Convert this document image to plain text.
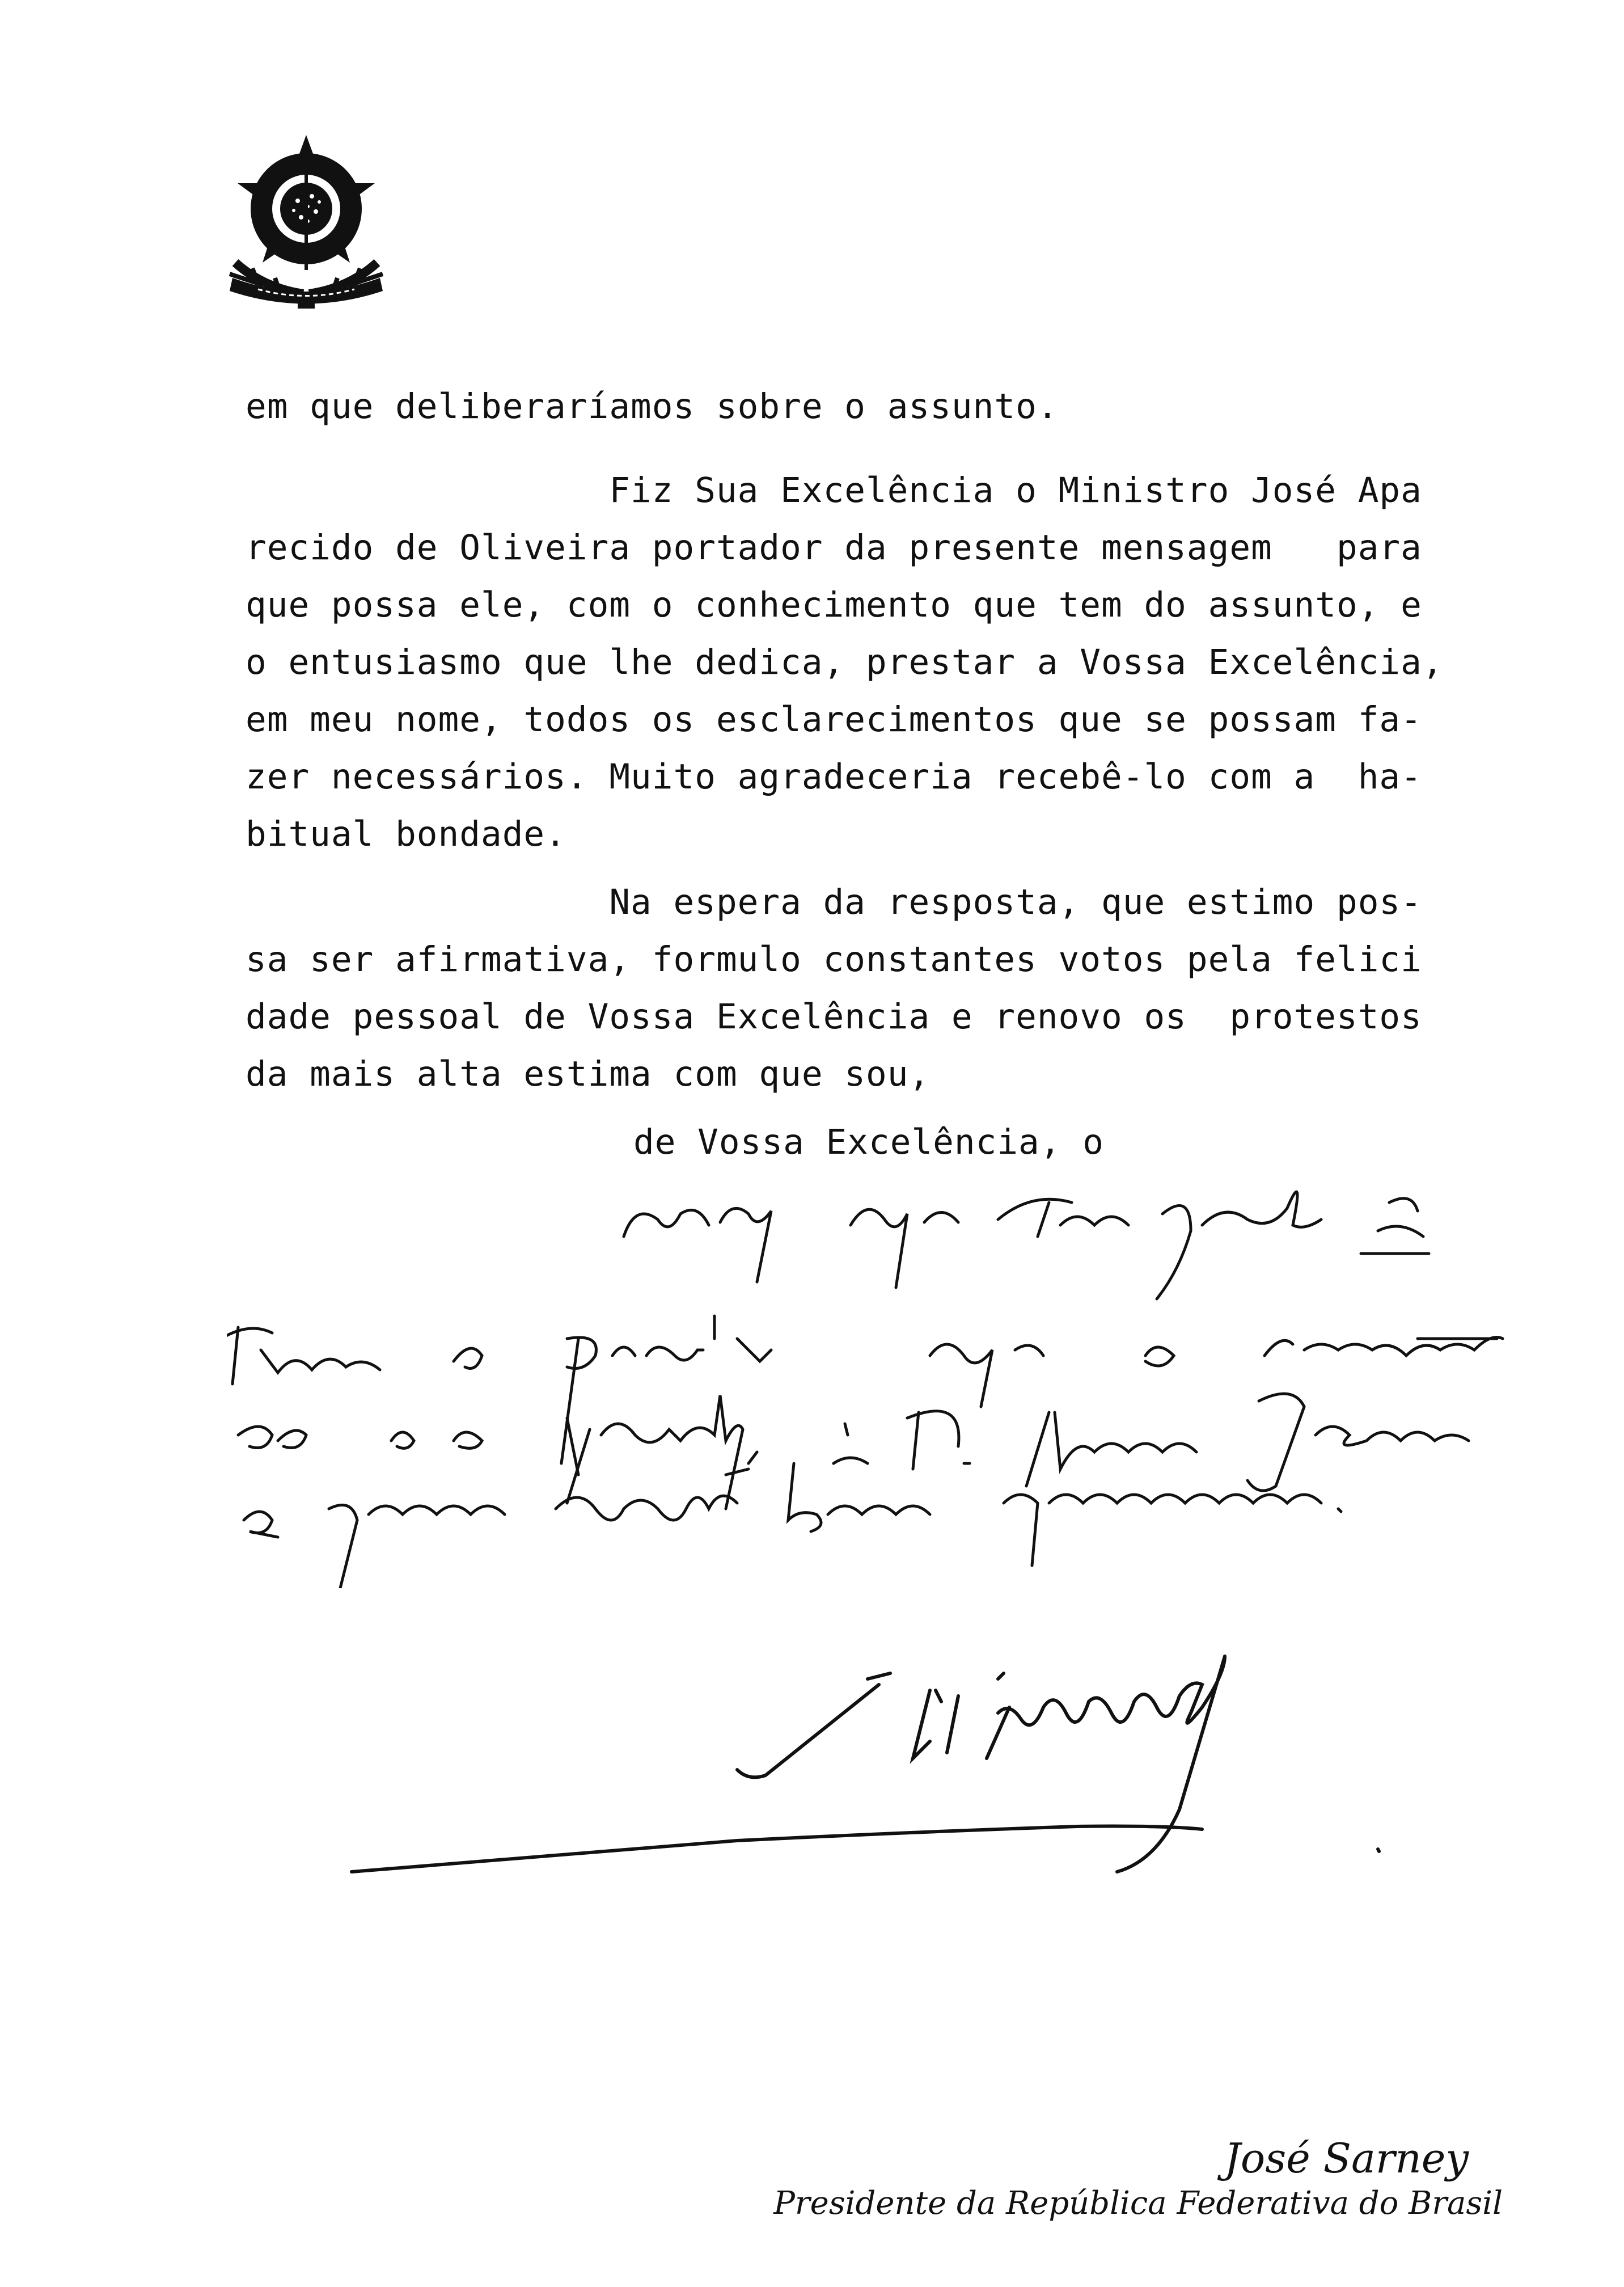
em que deliberaríamos sobre o assunto.

Fiz Sua Excelência o Ministro José Apa
recido de Oliveira portador da presente mensagem   para
que possa ele, com o conhecimento que tem do assunto, e
o entusiasmo que lhe dedica, prestar a Vossa Excelência,
em meu nome, todos os esclarecimentos que se possam fa-
zer necessários. Muito agradeceria recebê-lo com a  ha-
bitual bondade.

Na espera da resposta, que estimo pos-
sa ser afirmativa, formulo constantes votos pela felici
dade pessoal de Vossa Excelência e renovo os  protestos
da mais alta estima com que sou,

de Vossa Excelência, o

José Sarney
Presidente da República Federativa do Brasil
